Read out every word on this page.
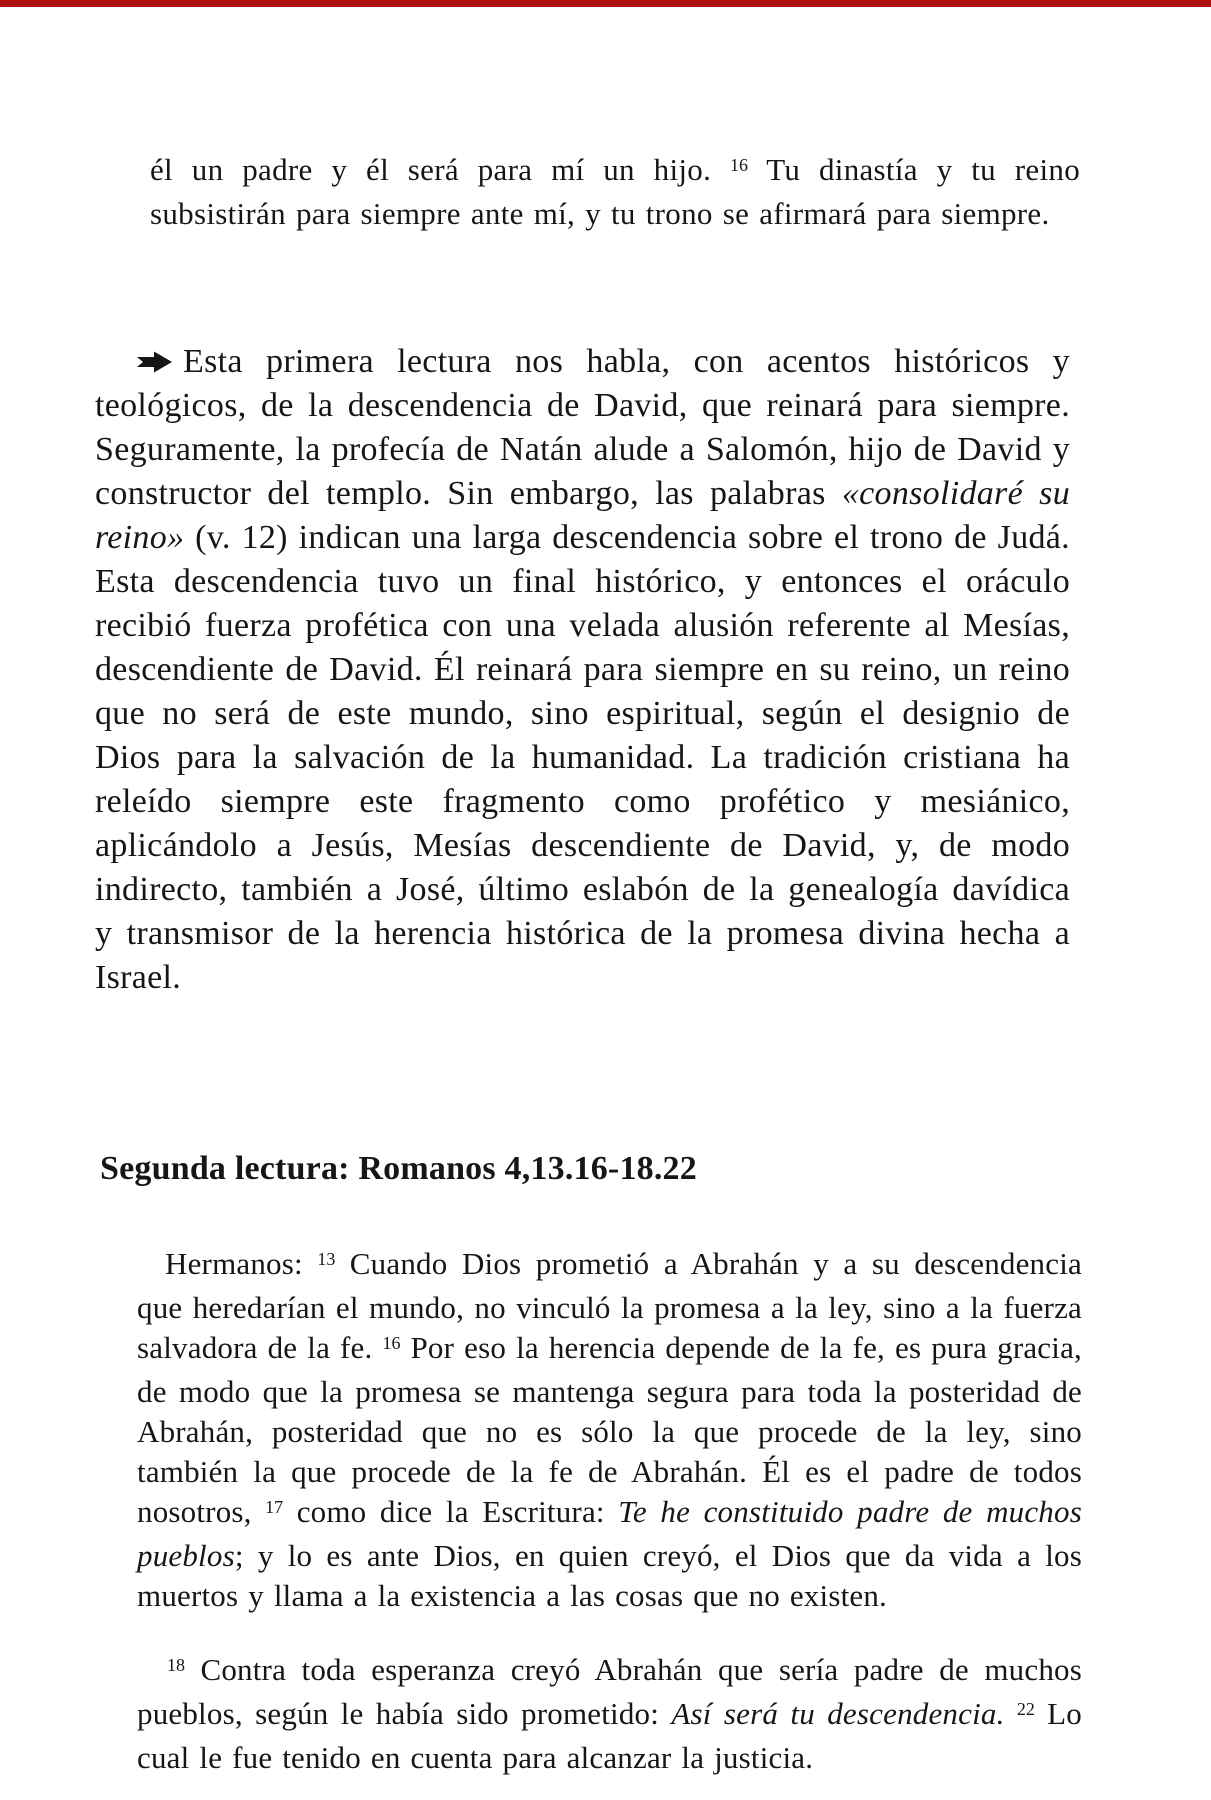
él un padre y él será para mí un hijo. $^{16}$ Tu dinastía y tu reino subsistirán para siempre ante mí, y tu trono se afirmará para siempre.

Esta primera lectura nos habla, con acentos históricos y teológicos, de la descendencia de David, que reinará para siempre. Seguramente, la profecía de Natán alude a Salomón, hijo de David y constructor del templo. Sin embargo, las palabras «consolidaré su reino» (v. 12) indican una larga descendencia sobre el trono de Judá. Esta descendencia tuvo un final histórico, y entonces el oráculo recibió fuerza profética con una velada alusión referente al Mesías, descendiente de David. Él reinará para siempre en su reino, un reino que no será de este mundo, sino espiritual, según el designio de Dios para la salvación de la humanidad. La tradición cristiana ha releído siempre este fragmento como profético y mesiánico, aplicándolo a Jesús, Mesías descendiente de David, y, de modo indirecto, también a José, último eslabón de la genealogía davídica y transmisor de la herencia histórica de la promesa divina hecha a Israel.

Segunda lectura: Romanos 4,13.16-18.22

Hermanos: $^{13}$ Cuando Dios prometió a Abrahán y a su descendencia que heredarían el mundo, no vinculó la promesa a la ley, sino a la fuerza salvadora de la fe. $^{16}$ Por eso la herencia depende de la fe, es pura gracia, de modo que la promesa se mantenga segura para toda la posteridad de Abrahán, posteridad que no es sólo la que procede de la ley, sino también la que procede de la fe de Abrahán. Él es el padre de todos nosotros, $^{17}$ como dice la Escritura: Te he constituido padre de muchos pueblos; y lo es ante Dios, en quien creyó, el Dios que da vida a los muertos y llama a la existencia a las cosas que no existen.

$^{18}$ Contra toda esperanza creyó Abrahán que sería padre de muchos pueblos, según le había sido prometido: Así será tu descendencia. $^{22}$ Lo cual le fue tenido en cuenta para alcanzar la justicia.
